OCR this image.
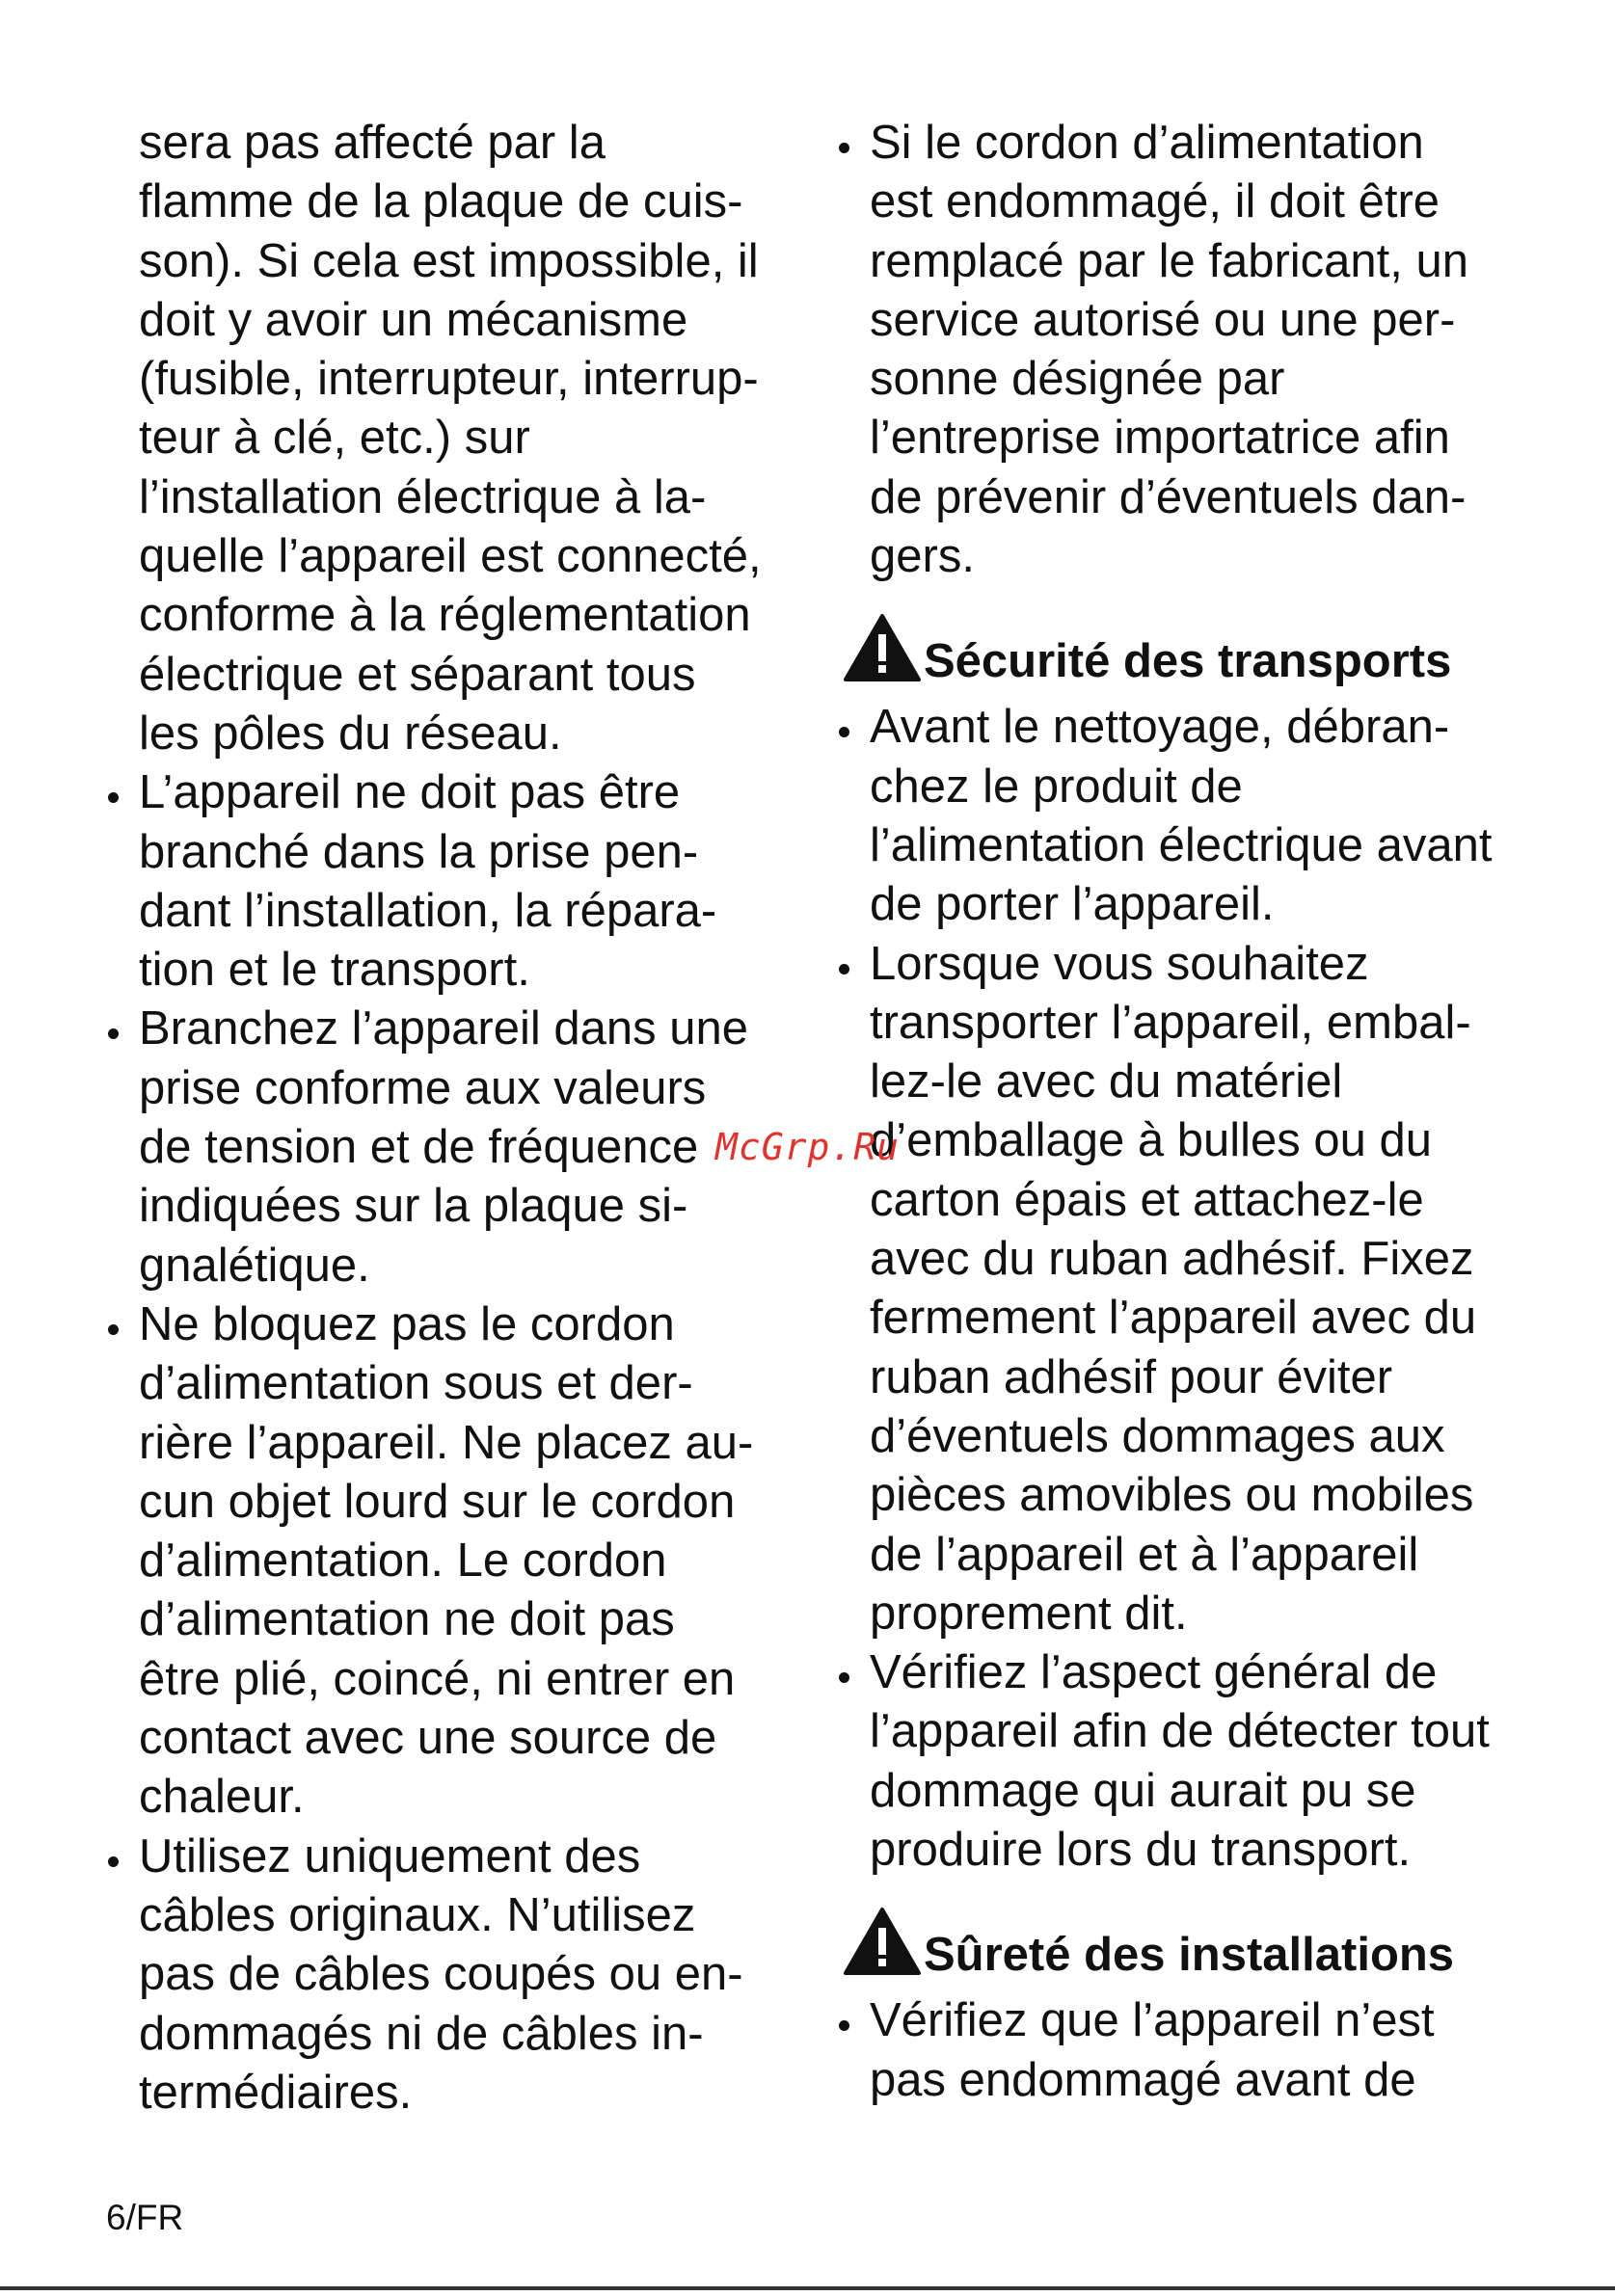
sera pas affecté par la
flamme de la plaque de cuis-
son). Si cela est impossible, il
doit y avoir un mécanisme
(fusible, interrupteur, interrup-
teur à clé, etc.) sur
l’installation électrique à la-
quelle l’appareil est connecté,
conforme à la réglementation
électrique et séparant tous
les pôles du réseau.
L’appareil ne doit pas être
branché dans la prise pen-
dant l’installation, la répara-
tion et le transport.
Branchez l’appareil dans une
prise conforme aux valeurs
de tension et de fréquence
indiquées sur la plaque si-
gnalétique.
Ne bloquez pas le cordon
d’alimentation sous et der-
rière l’appareil. Ne placez au-
cun objet lourd sur le cordon
d’alimentation. Le cordon
d’alimentation ne doit pas
être plié, coincé, ni entrer en
contact avec une source de
chaleur.
Utilisez uniquement des
câbles originaux. N’utilisez
pas de câbles coupés ou en-
dommagés ni de câbles in-
termédiaires.
Si le cordon d’alimentation
est endommagé, il doit être
remplacé par le fabricant, un
service autorisé ou une per-
sonne désignée par
l’entreprise importatrice afin
de prévenir d’éventuels dan-
gers.
Sécurité des transports
Avant le nettoyage, débran-
chez le produit de
l’alimentation électrique avant
de porter l’appareil.
Lorsque vous souhaitez
transporter l’appareil, embal-
lez-le avec du matériel
d’emballage à bulles ou du
carton épais et attachez-le
avec du ruban adhésif. Fixez
fermement l’appareil avec du
ruban adhésif pour éviter
d’éventuels dommages aux
pièces amovibles ou mobiles
de l’appareil et à l’appareil
proprement dit.
Vérifiez l’aspect général de
l’appareil afin de détecter tout
dommage qui aurait pu se
produire lors du transport.
Sûreté des installations
Vérifiez que l’appareil n’est
pas endommagé avant de
McGrp.Ru
6/FR
